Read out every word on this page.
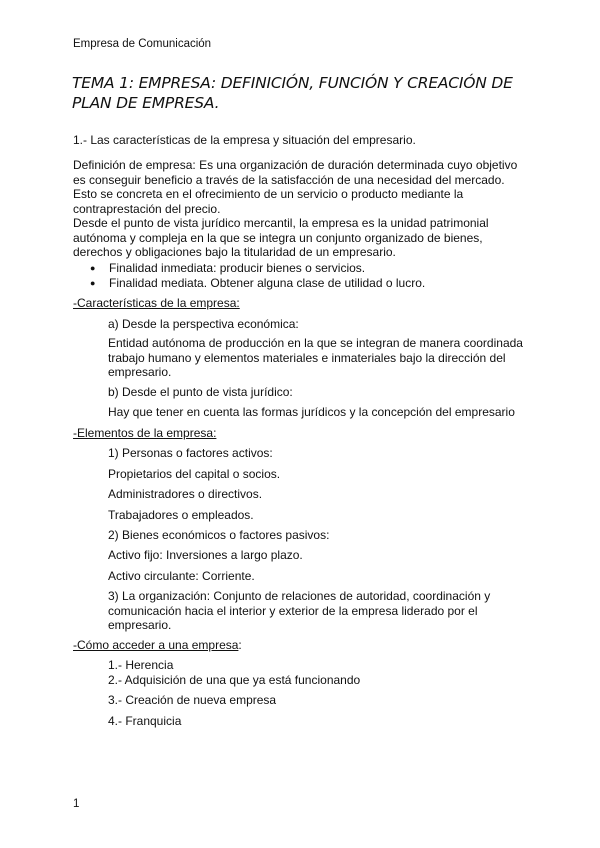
Empresa de Comunicación
TEMA 1: EMPRESA: DEFINICIÓN, FUNCIÓN Y CREACIÓN DE PLAN DE EMPRESA.
1.- Las características de la empresa y situación del empresario.
Definición de empresa: Es una organización de duración determinada cuyo objetivo
es conseguir beneficio a través de la satisfacción de una necesidad del mercado.
Esto se concreta en el ofrecimiento de un servicio o producto mediante la
contraprestación del precio.
Desde el punto de vista jurídico mercantil, la empresa es la unidad patrimonial
autónoma y compleja en la que se integra un conjunto organizado de bienes,
derechos y obligaciones bajo la titularidad de un empresario.
● Finalidad inmediata: producir bienes o servicios.
● Finalidad mediata. Obtener alguna clase de utilidad o lucro.
-Características de la empresa:
a) Desde la perspectiva económica:
Entidad autónoma de producción en la que se integran de manera coordinada
trabajo humano y elementos materiales e inmateriales bajo la dirección del
empresario.
b) Desde el punto de vista jurídico:
Hay que tener en cuenta las formas jurídicos y la concepción del empresario
-Elementos de la empresa:
1) Personas o factores activos:
Propietarios del capital o socios.
Administradores o directivos.
Trabajadores o empleados.
2) Bienes económicos o factores pasivos:
Activo fijo: Inversiones a largo plazo.
Activo circulante: Corriente.
3) La organización: Conjunto de relaciones de autoridad, coordinación y
comunicación hacia el interior y exterior de la empresa liderado por el
empresario.
-Cómo acceder a una empresa:
1.- Herencia
2.- Adquisición de una que ya está funcionando
3.- Creación de nueva empresa
4.- Franquicia
1
